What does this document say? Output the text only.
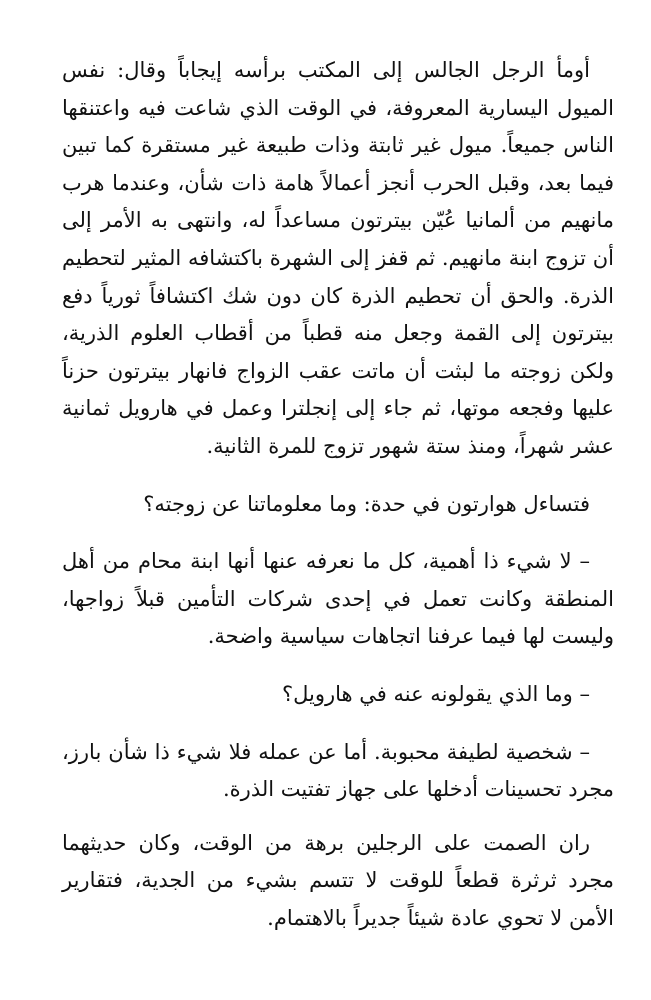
أومأ الرجل الجالس إلى المكتب برأسه إيجاباً وقال: نفس الميول اليسارية المعروفة، في الوقت الذي شاعت فيه واعتنقها الناس جميعاً. ميول غير ثابتة وذات طبيعة غير مستقرة كما تبين فيما بعد، وقبل الحرب أنجز أعمالاً هامة ذات شأن، وعندما هرب مانهيم من ألمانيا عُيّن بيترتون مساعداً له، وانتهى به الأمر إلى أن تزوج ابنة مانهيم. ثم قفز إلى الشهرة باكتشافه المثير لتحطيم الذرة. والحق أن تحطيم الذرة كان دون شك اكتشافاً ثورياً دفع بيترتون إلى القمة وجعل منه قطباً من أقطاب العلوم الذرية، ولكن زوجته ما لبثت أن ماتت عقب الزواج فانهار بيترتون حزناً عليها وفجعه موتها، ثم جاء إلى إنجلترا وعمل في هارويل ثمانية عشر شهراً، ومنذ ستة شهور تزوج للمرة الثانية.

فتساءل هوارتون في حدة: وما معلوماتنا عن زوجته؟

– لا شيء ذا أهمية، كل ما نعرفه عنها أنها ابنة محام من أهل المنطقة وكانت تعمل في إحدى شركات التأمين قبلاً زواجها، وليست لها فيما عرفنا اتجاهات سياسية واضحة.

– وما الذي يقولونه عنه في هارويل؟

– شخصية لطيفة محبوبة. أما عن عمله فلا شيء ذا شأن بارز، مجرد تحسينات أدخلها على جهاز تفتيت الذرة.

ران الصمت على الرجلين برهة من الوقت، وكان حديثهما مجرد ثرثرة قطعاً للوقت لا تتسم بشيء من الجدية، فتقارير الأمن لا تحوي عادة شيئاً جديراً بالاهتمام.
